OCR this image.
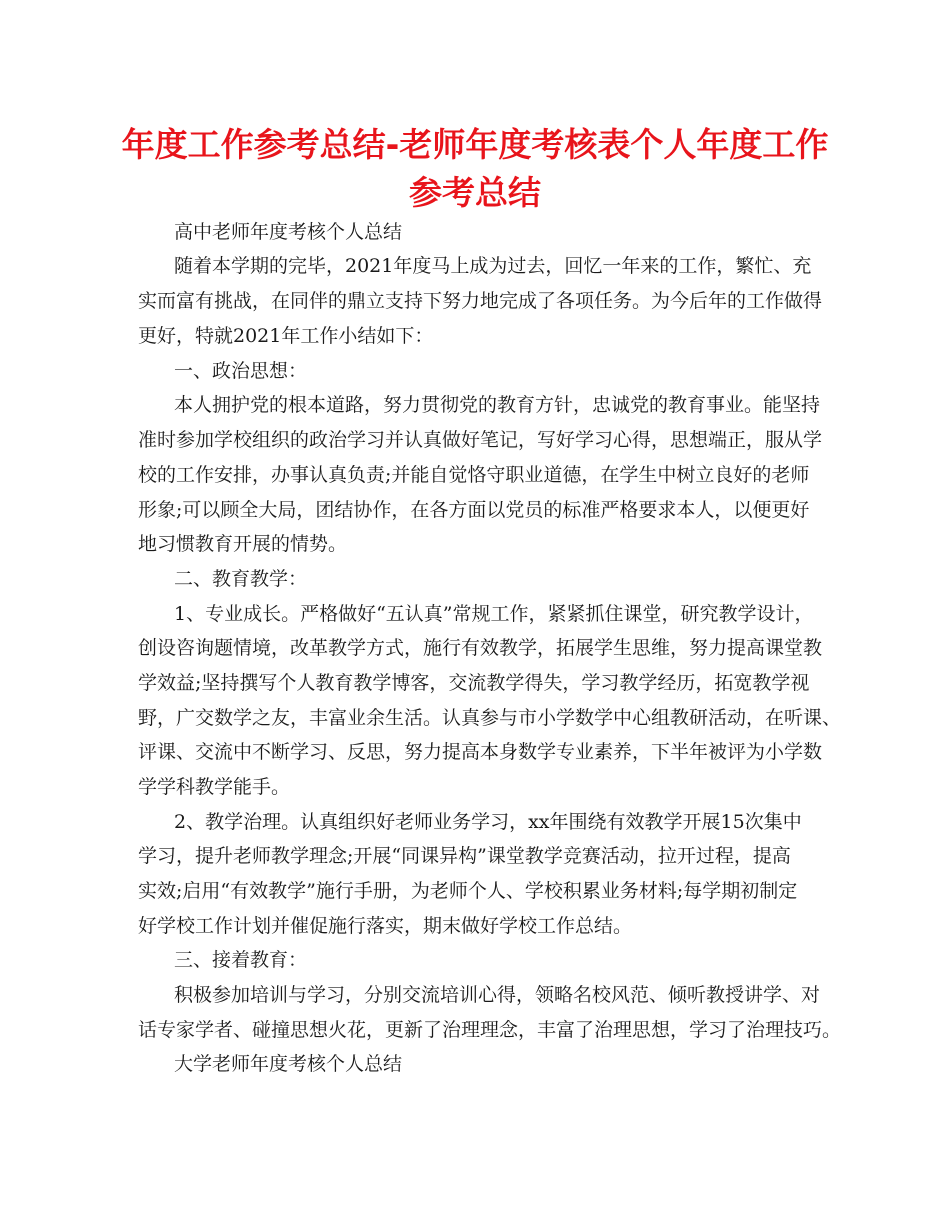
年度工作参考总结-老师年度考核表个人年度工作
参考总结

高中老师年度考核个人总结

随着本学期的完毕，2021年度马上成为过去，回忆一年来的工作，繁忙、充

实而富有挑战，在同伴的鼎立支持下努力地完成了各项任务。为今后年的工作做得

更好，特就2021年工作小结如下：

一、政治思想：

本人拥护党的根本道路，努力贯彻党的教育方针，忠诚党的教育事业。能坚持

准时参加学校组织的政治学习并认真做好笔记，写好学习心得，思想端正，服从学

校的工作安排，办事认真负责;并能自觉恪守职业道德，在学生中树立良好的老师

形象;可以顾全大局，团结协作，在各方面以党员的标准严格要求本人，以便更好

地习惯教育开展的情势。

二、教育教学：

1、专业成长。严格做好“五认真”常规工作，紧紧抓住课堂，研究教学设计，

创设咨询题情境，改革教学方式，施行有效教学，拓展学生思维，努力提高课堂教

学效益;坚持撰写个人教育教学博客，交流教学得失，学习教学经历，拓宽教学视

野，广交数学之友，丰富业余生活。认真参与市小学数学中心组教研活动，在听课、

评课、交流中不断学习、反思，努力提高本身数学专业素养，下半年被评为小学数

学学科教学能手。

2、教学治理。认真组织好老师业务学习，xx年围绕有效教学开展15次集中

学习，提升老师教学理念;开展“同课异构”课堂教学竞赛活动，拉开过程，提高

实效;启用“有效教学”施行手册，为老师个人、学校积累业务材料;每学期初制定

好学校工作计划并催促施行落实，期末做好学校工作总结。

三、接着教育：

积极参加培训与学习，分别交流培训心得，领略名校风范、倾听教授讲学、对

话专家学者、碰撞思想火花，更新了治理理念，丰富了治理思想，学习了治理技巧。

大学老师年度考核个人总结
